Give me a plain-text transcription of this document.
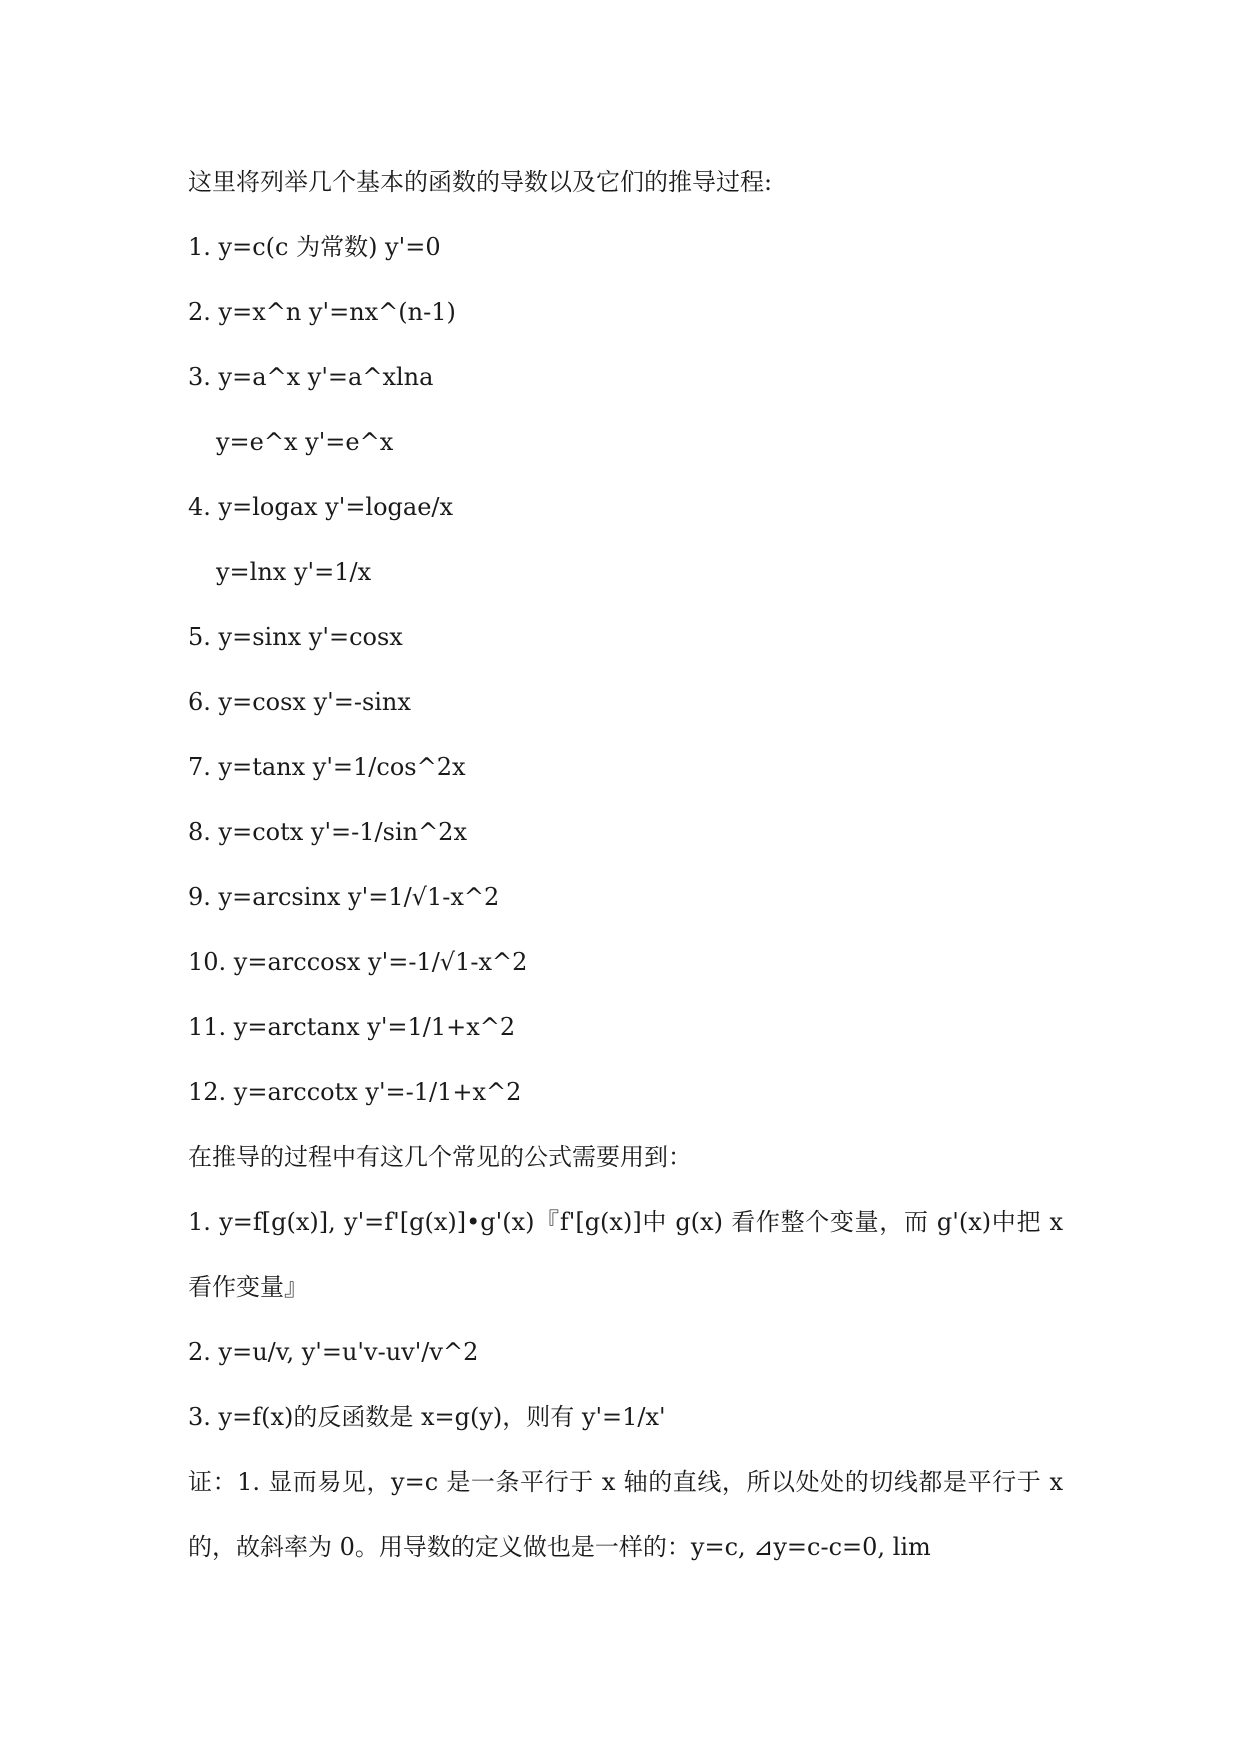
这里将列举几个基本的函数的导数以及它们的推导过程:

1. y=c(c 为常数) y'=0

2. y=x^n y'=nx^(n-1)

3. y=a^x y'=a^xlna

y=e^x y'=e^x

4. y=logax y'=logae/x

y=lnx y'=1/x

5. y=sinx y'=cosx

6. y=cosx y'=-sinx

7. y=tanx y'=1/cos^2x

8. y=cotx y'=-1/sin^2x

9. y=arcsinx y'=1/√1-x^2

10. y=arccosx y'=-1/√1-x^2

11. y=arctanx y'=1/1+x^2

12. y=arccotx y'=-1/1+x^2

在推导的过程中有这几个常见的公式需要用到：

1. y=f[g(x)], y'=f'[g(x)]•g'(x)『f'[g(x)]中 g(x) 看作整个变量，而 g'(x)中把 x 看作变量』

2. y=u/v, y'=u'v-uv'/v^2

3. y=f(x)的反函数是 x=g(y)，则有 y'=1/x'

证：1. 显而易见，y=c 是一条平行于 x 轴的直线，所以处处的切线都是平行于 x 的，故斜率为 0。用导数的定义做也是一样的：y=c, ⊿y=c-c=0, lim
